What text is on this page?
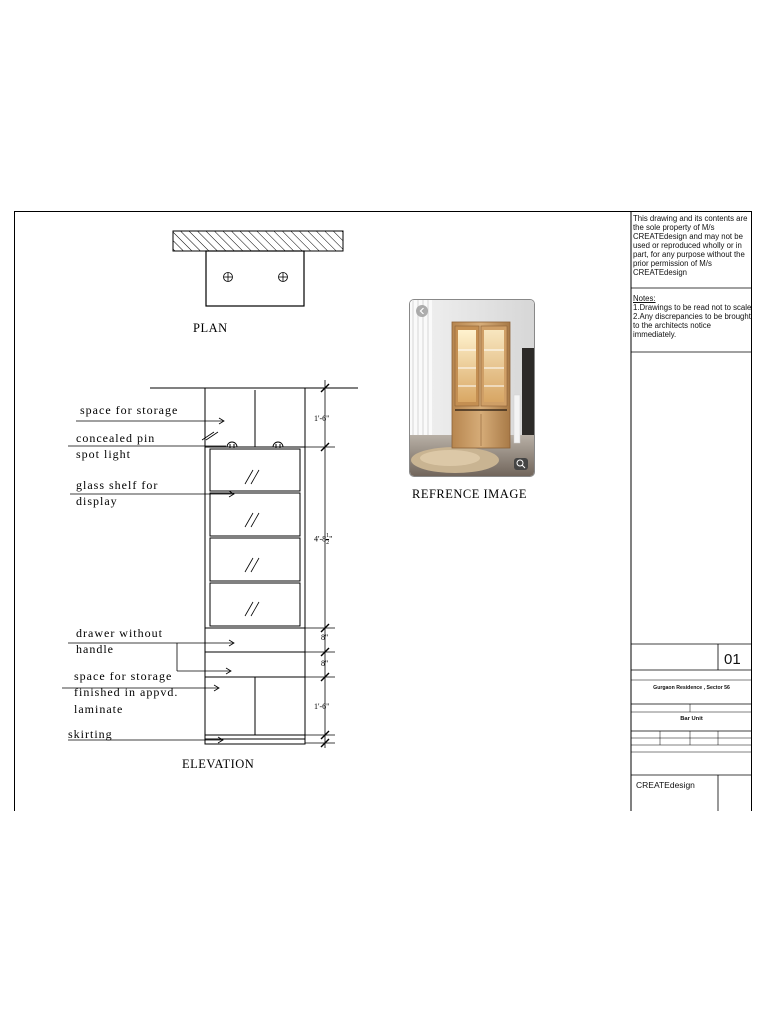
PLAN
ELEVATION
REFRENCE IMAGE
space for storage
concealed pin
spot light
glass shelf for
display
drawer without
handle
space for storage
finished in appvd.
laminate
skirting
1'-6"
$4'-8 \frac{1}{2}$ "
8"
8"
1'-6"
This drawing and its contents are the sole property of M/s CREATEdesign and may not be used or reproduced wholly or in part, for any purpose without the prior permission of M/s CREATEdesign
Notes:
1.Drawings to be read not to scale
2.Any discrepancies to be brought to the architects notice immediately.
01
Gurgaon Residence , Sector 56
Bar Unit
CREATEdesign
